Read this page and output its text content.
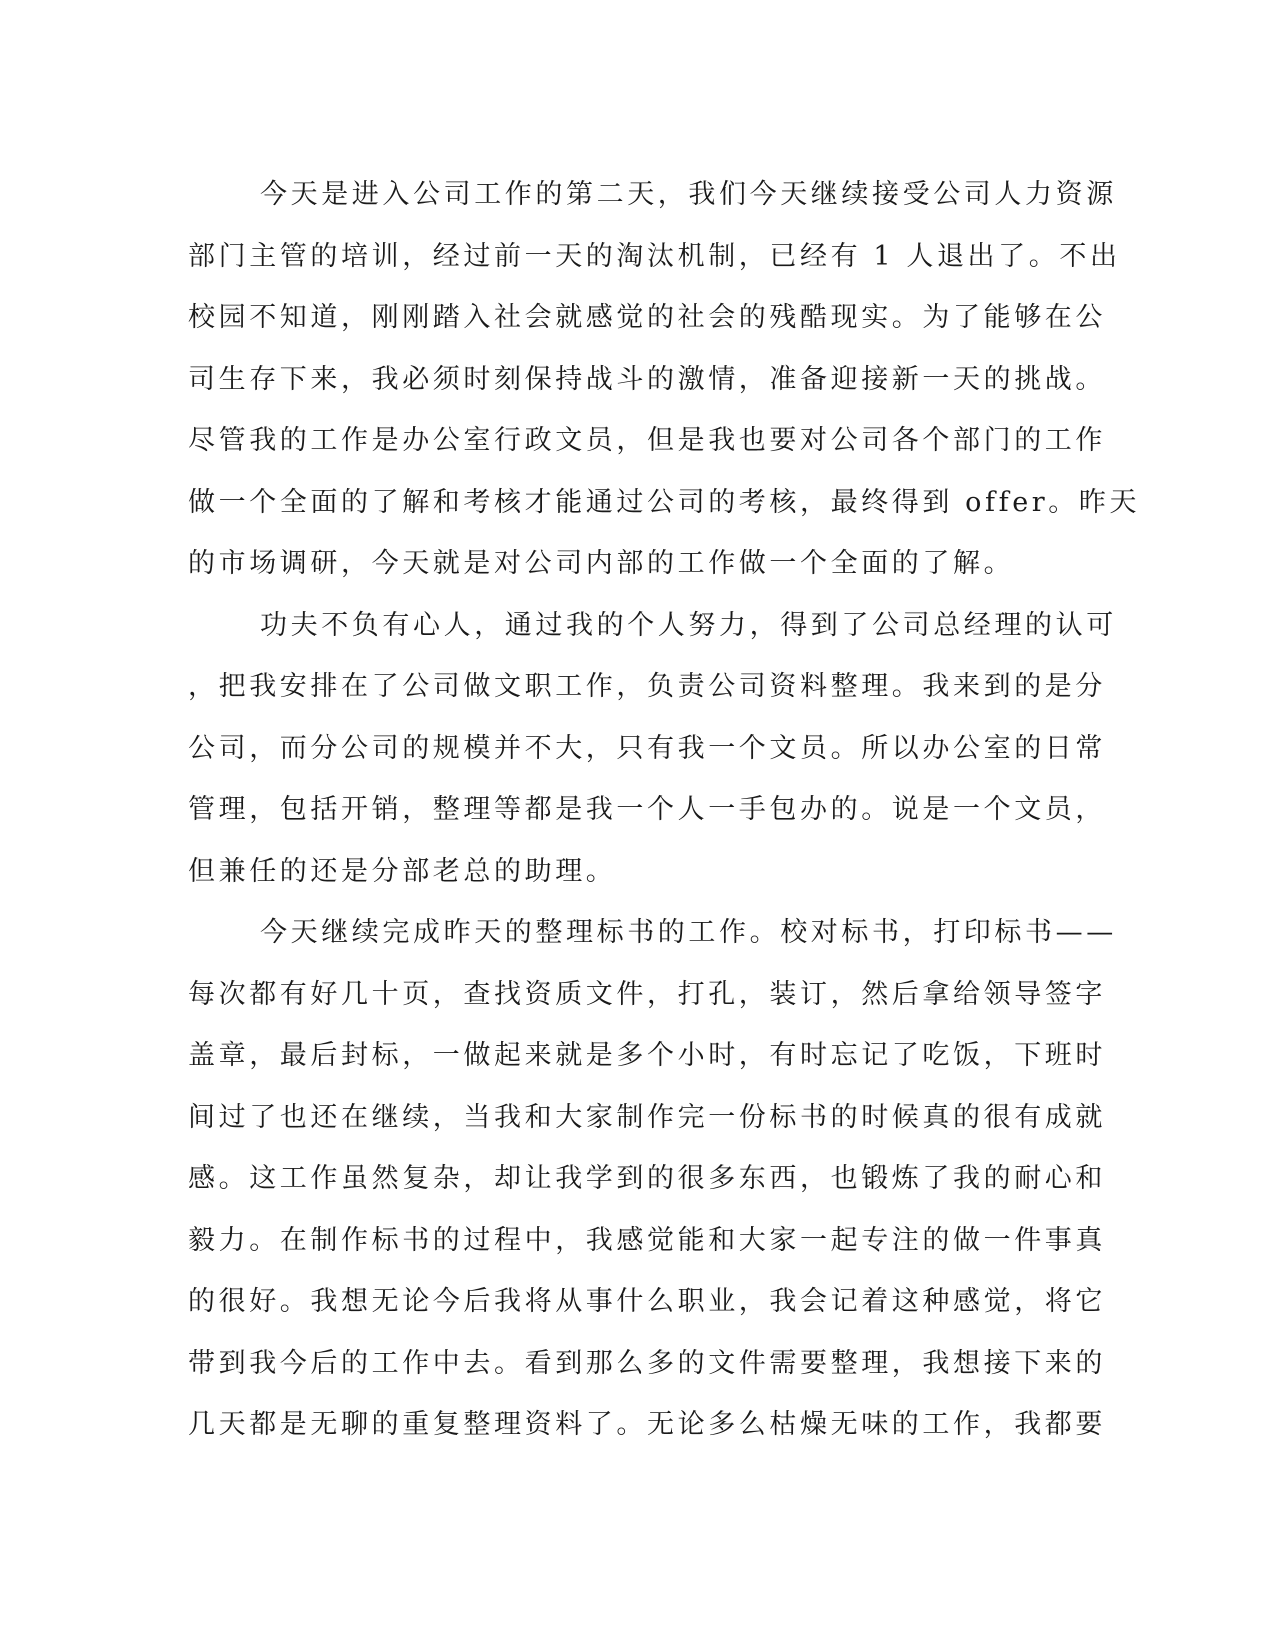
今天是进入公司工作的第二天，我们今天继续接受公司人力资源
部门主管的培训，经过前一天的淘汰机制，已经有 1 人退出了。不出
校园不知道，刚刚踏入社会就感觉的社会的残酷现实。为了能够在公
司生存下来，我必须时刻保持战斗的激情，准备迎接新一天的挑战。
尽管我的工作是办公室行政文员，但是我也要对公司各个部门的工作
做一个全面的了解和考核才能通过公司的考核，最终得到 offer。昨天
的市场调研，今天就是对公司内部的工作做一个全面的了解。
功夫不负有心人，通过我的个人努力，得到了公司总经理的认可
，把我安排在了公司做文职工作，负责公司资料整理。我来到的是分
公司，而分公司的规模并不大，只有我一个文员。所以办公室的日常
管理，包括开销，整理等都是我一个人一手包办的。说是一个文员，
但兼任的还是分部老总的助理。
今天继续完成昨天的整理标书的工作。校对标书，打印标书——
每次都有好几十页，查找资质文件，打孔，装订，然后拿给领导签字
盖章，最后封标，一做起来就是多个小时，有时忘记了吃饭，下班时
间过了也还在继续，当我和大家制作完一份标书的时候真的很有成就
感。这工作虽然复杂，却让我学到的很多东西，也锻炼了我的耐心和
毅力。在制作标书的过程中，我感觉能和大家一起专注的做一件事真
的很好。我想无论今后我将从事什么职业，我会记着这种感觉，将它
带到我今后的工作中去。看到那么多的文件需要整理，我想接下来的
几天都是无聊的重复整理资料了。无论多么枯燥无味的工作，我都要
